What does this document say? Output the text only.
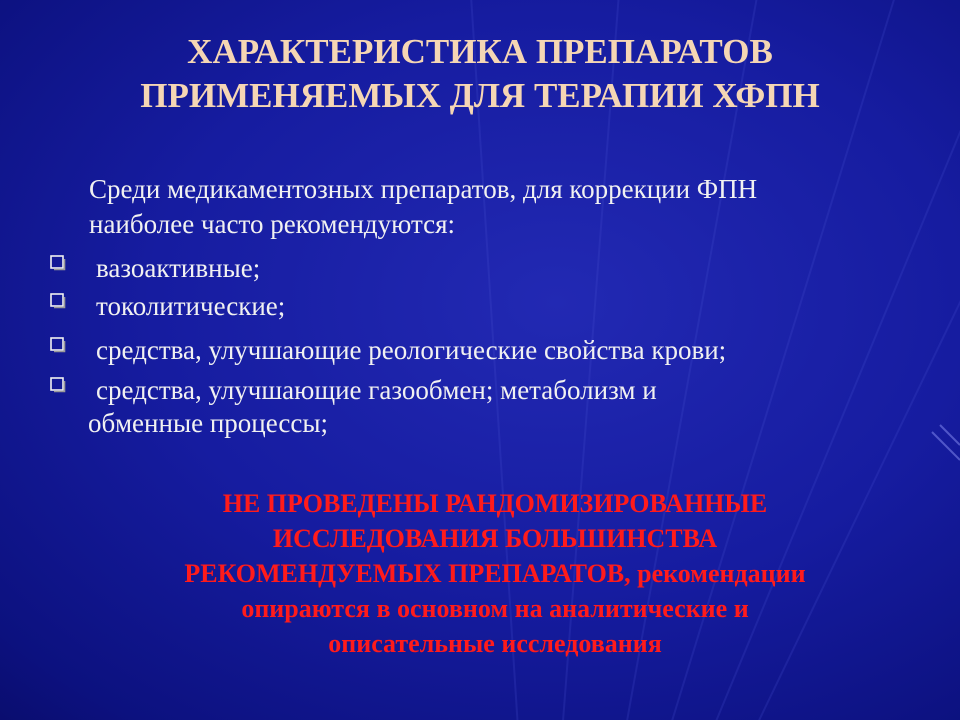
ХАРАКТЕРИСТИКА ПРЕПАРАТОВ
ПРИМЕНЯЕМЫХ ДЛЯ ТЕРАПИИ ХФПН
Среди медикаментозных препаратов, для коррекции ФПН
наиболее часто рекомендуются:
вазоактивные;
токолитические;
средства, улучшающие реологические свойства крови;
средства, улучшающие газообмен; метаболизм и
обменные процессы;
НЕ ПРОВЕДЕНЫ РАНДОМИЗИРОВАННЫЕ
ИССЛЕДОВАНИЯ БОЛЬШИНСТВА
РЕКОМЕНДУЕМЫХ ПРЕПАРАТОВ, рекомендации
опираются в основном на аналитические и
описательные исследования
